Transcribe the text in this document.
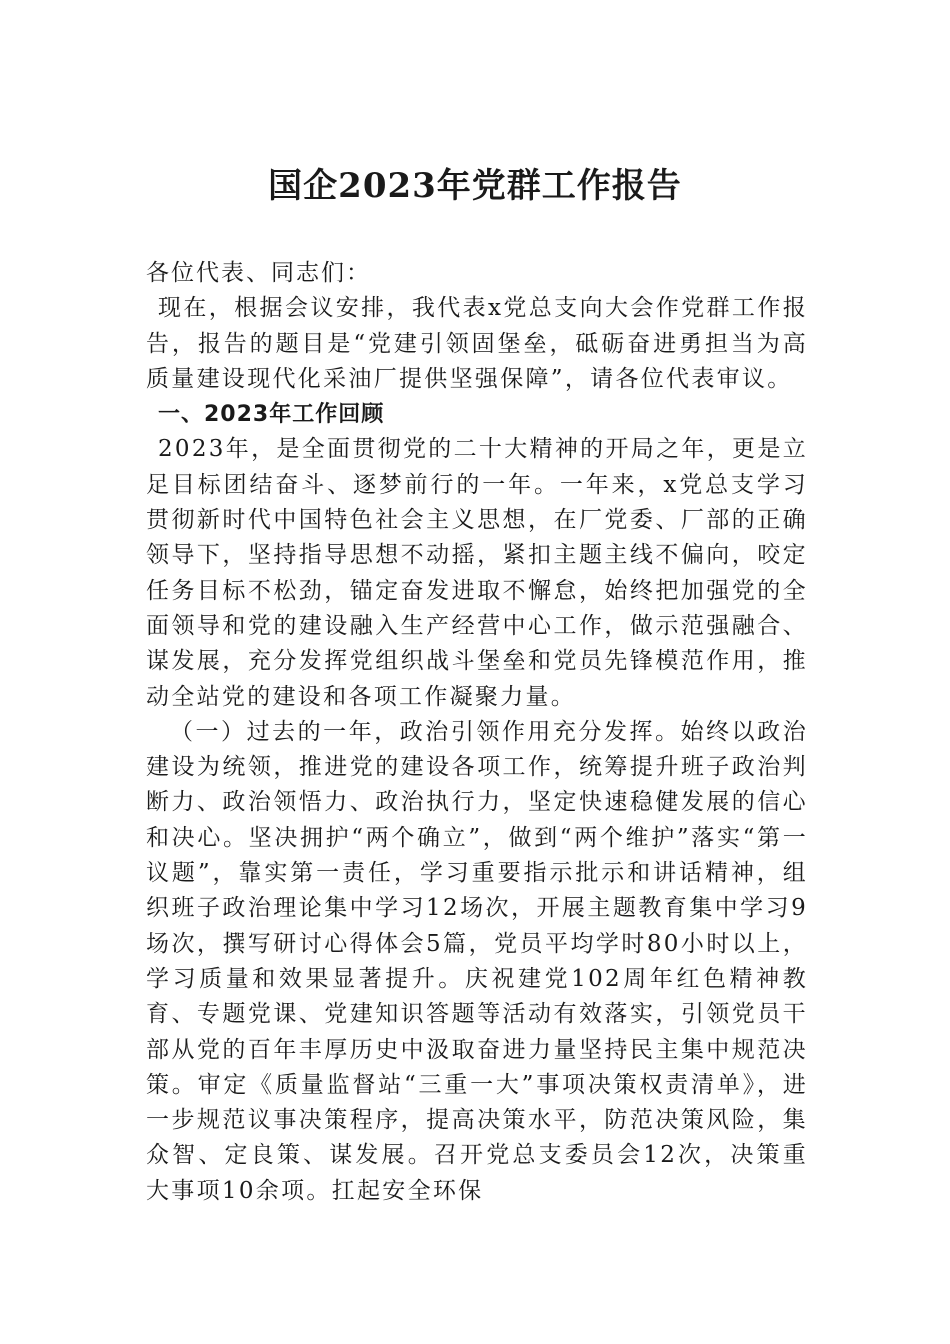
国企2023年党群工作报告

各位代表、同志们：

现在，根据会议安排，我代表x党总支向大会作党群工作报告，报告的题目是“党建引领固堡垒，砥砺奋进勇担当为高质量建设现代化采油厂提供坚强保障”，请各位代表审议。

一、2023年工作回顾

2023年，是全面贯彻党的二十大精神的开局之年，更是立足目标团结奋斗、逐梦前行的一年。一年来，x党总支学习贯彻新时代中国特色社会主义思想，在厂党委、厂部的正确领导下，坚持指导思想不动摇，紧扣主题主线不偏向，咬定任务目标不松劲，锚定奋发进取不懈怠，始终把加强党的全面领导和党的建设融入生产经营中心工作，做示范强融合、谋发展，充分发挥党组织战斗堡垒和党员先锋模范作用，推动全站党的建设和各项工作凝聚力量。

（一）过去的一年，政治引领作用充分发挥。始终以政治建设为统领，推进党的建设各项工作，统筹提升班子政治判断力、政治领悟力、政治执行力，坚定快速稳健发展的信心和决心。坚决拥护“两个确立”，做到“两个维护”落实“第一议题”，靠实第一责任，学习重要指示批示和讲话精神，组织班子政治理论集中学习12场次，开展主题教育集中学习9场次，撰写研讨心得体会5篇，党员平均学时80小时以上，学习质量和效果显著提升。庆祝建党102周年红色精神教育、专题党课、党建知识答题等活动有效落实，引领党员干部从党的百年丰厚历史中汲取奋进力量坚持民主集中规范决策。审定《质量监督站“三重一大”事项决策权责清单》，进一步规范议事决策程序，提高决策水平，防范决策风险，集众智、定良策、谋发展。召开党总支委员会12次，决策重大事项10余项。扛起安全环保
